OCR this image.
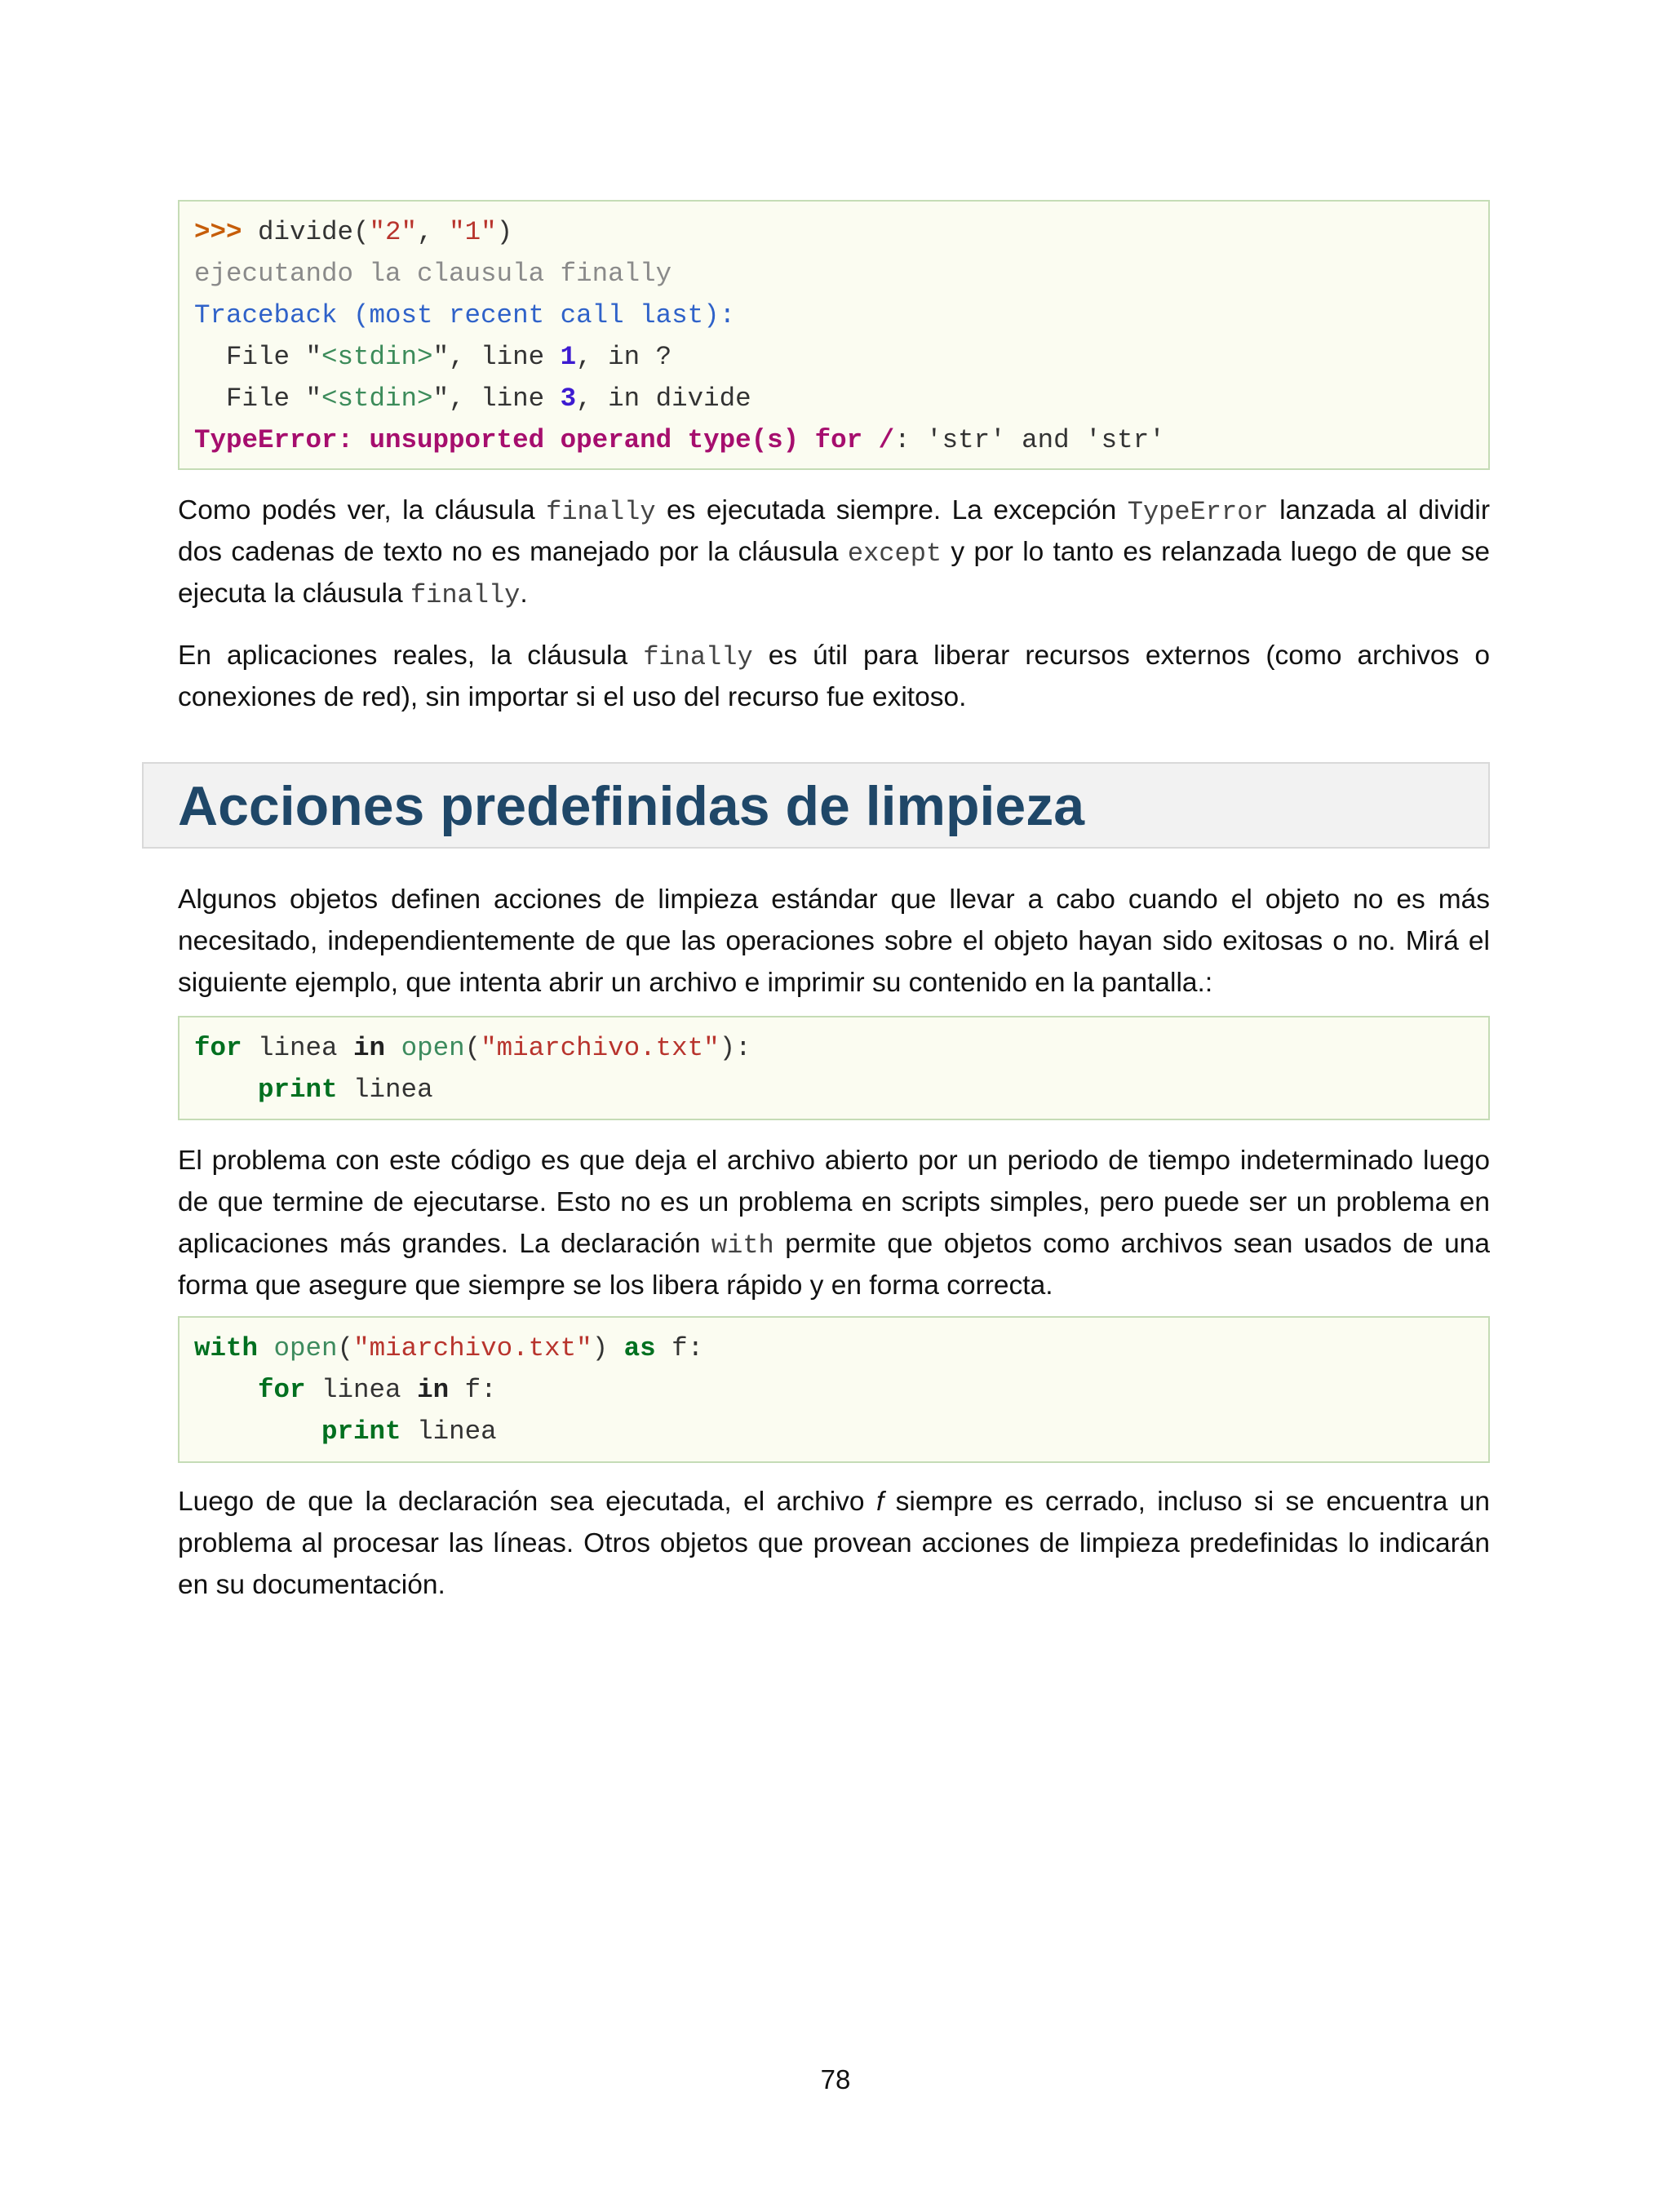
>>> divide("2", "1")
ejecutando la clausula finally
Traceback (most recent call last):
File "<stdin>", line 1, in ?
File "<stdin>", line 3, in divide
TypeError: unsupported operand type(s) for /: 'str' and 'str'
Como podés ver, la cláusula finally es ejecutada siempre. La excepción TypeError lanzada al dividir
dos cadenas de texto no es manejado por la cláusula except y por lo tanto es relanzada luego de que se
ejecuta la cláusula finally.
En aplicaciones reales, la cláusula finally es útil para liberar recursos externos (como archivos o
conexiones de red), sin importar si el uso del recurso fue exitoso.
Acciones predefinidas de limpieza
Algunos objetos definen acciones de limpieza estándar que llevar a cabo cuando el objeto no es más
necesitado, independientemente de que las operaciones sobre el objeto hayan sido exitosas o no. Mirá el
siguiente ejemplo, que intenta abrir un archivo e imprimir su contenido en la pantalla.:
for linea in open("miarchivo.txt"):
print linea
El problema con este código es que deja el archivo abierto por un periodo de tiempo indeterminado luego
de que termine de ejecutarse. Esto no es un problema en scripts simples, pero puede ser un problema en
aplicaciones más grandes. La declaración with permite que objetos como archivos sean usados de una
forma que asegure que siempre se los libera rápido y en forma correcta.
with open("miarchivo.txt") as f:
for linea in f:
print linea
Luego de que la declaración sea ejecutada, el archivo f siempre es cerrado, incluso si se encuentra un
problema al procesar las líneas. Otros objetos que provean acciones de limpieza predefinidas lo indicarán
en su documentación.
78
